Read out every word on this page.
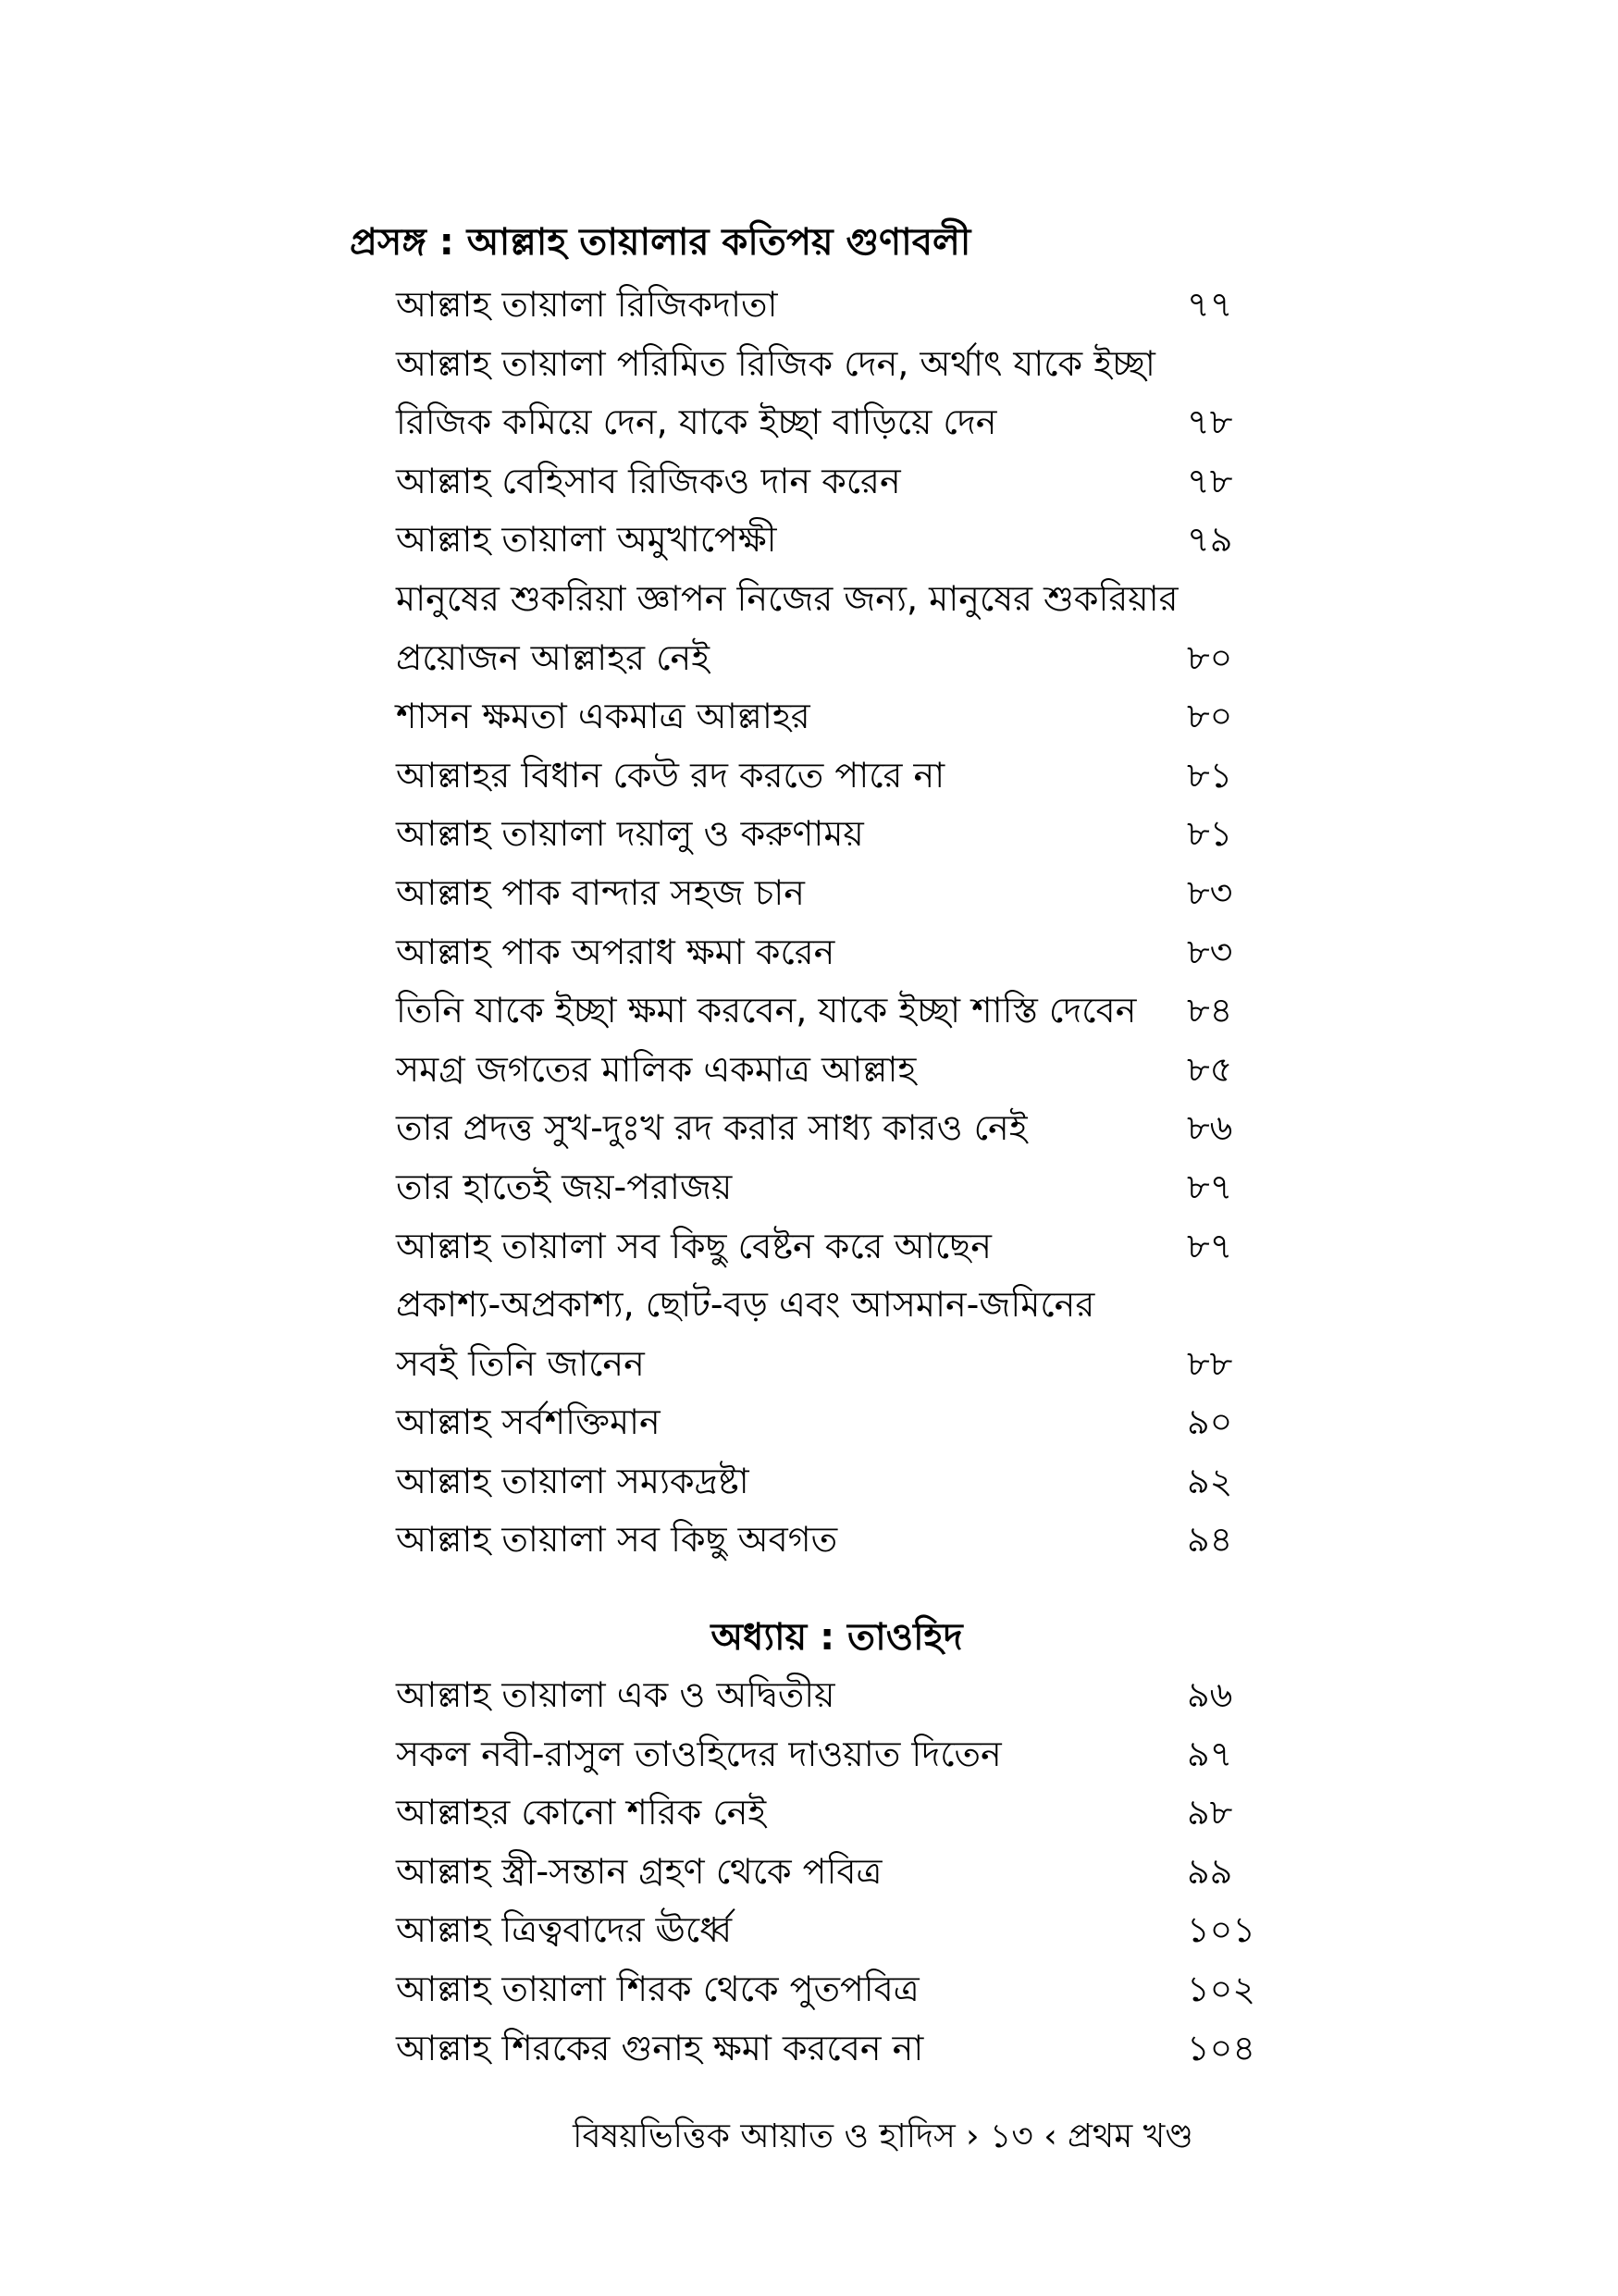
প্রসঙ্গ : আল্লাহ তায়ালার কতিপয় গুণাবলী
আল্লাহ তায়ালা রিজিকদাতা	৭৭
আল্লাহ তায়ালা পরিমিত রিজিক দেন, অর্থাৎ যাকে ইচ্ছা
রিজিক কমিয়ে দেন, যাকে ইচ্ছা বাড়িয়ে দেন	৭৮
আল্লাহ বেহিসাব রিজিকও দান করেন	৭৮
আল্লাহ তায়ালা অমুখাপেক্ষী	৭৯
মানুষের শুকরিয়া জ্ঞাপন নিজের জন্য, মানুষের শুকরিয়ার
প্রয়োজন আল্লাহর নেই	৮০
শাসন ক্ষমতা একমাত্র আল্লাহর	৮০
আল্লাহর বিধান কেউ রদ করতে পারে না	৮১
আল্লাহ তায়ালা দয়ালু ও করুণাময়	৮১
আল্লাহ পাক বান্দার সহজ চান	৮৩
আল্লাহ পাক অপরাধ ক্ষমা করেন	৮৩
তিনি যাকে ইচ্ছা ক্ষমা করবেন, যাকে ইচ্ছা শাস্তি দেবেন ৮৪
সমগ্র জগতের মালিক একমাত্র আল্লাহ	৮৫
তার প্রদত্ত সুখ-দুঃখ রদ করার সাধ্য কারও নেই	৮৬
তার হাতেই জয়-পরাজয়	৮৭
আল্লাহ তায়ালা সব কিছু বেষ্টন করে আছেন	৮৭
প্রকাশ্য-অপ্রকাশ্য, ছোট-বড় এবং আসমান-জমিনের
সবই তিনি জানেন	৮৮
আল্লাহ সর্বশক্তিমান	৯০
আল্লাহ তায়ালা সম্যকদ্রষ্টা	৯২
আল্লাহ তায়ালা সব কিছু অবগত	৯৪
অধ্যায় : তাওহিদ
আল্লাহ তায়ালা এক ও অদ্বিতীয়	৯৬
সকল নবী-রাসুল তাওহিদের দাওয়াত দিতেন	৯৭
আল্লাহর কোনো শরিক নেই	৯৮
আল্লাহ স্ত্রী-সন্তান গ্রহণ থেকে পবিত্র	৯৯
আল্লাহ ত্রিত্ববাদের ঊর্ধ্বে	১০১
আল্লাহ তায়ালা শিরক থেকে পুতপবিত্র	১০২
আল্লাহ শিরকের গুনাহ ক্ষমা করবেন না	১০৪
বিষয়ভিত্তিক আয়াত ও হাদিস › ১৩ ‹ প্রথম খণ্ড
